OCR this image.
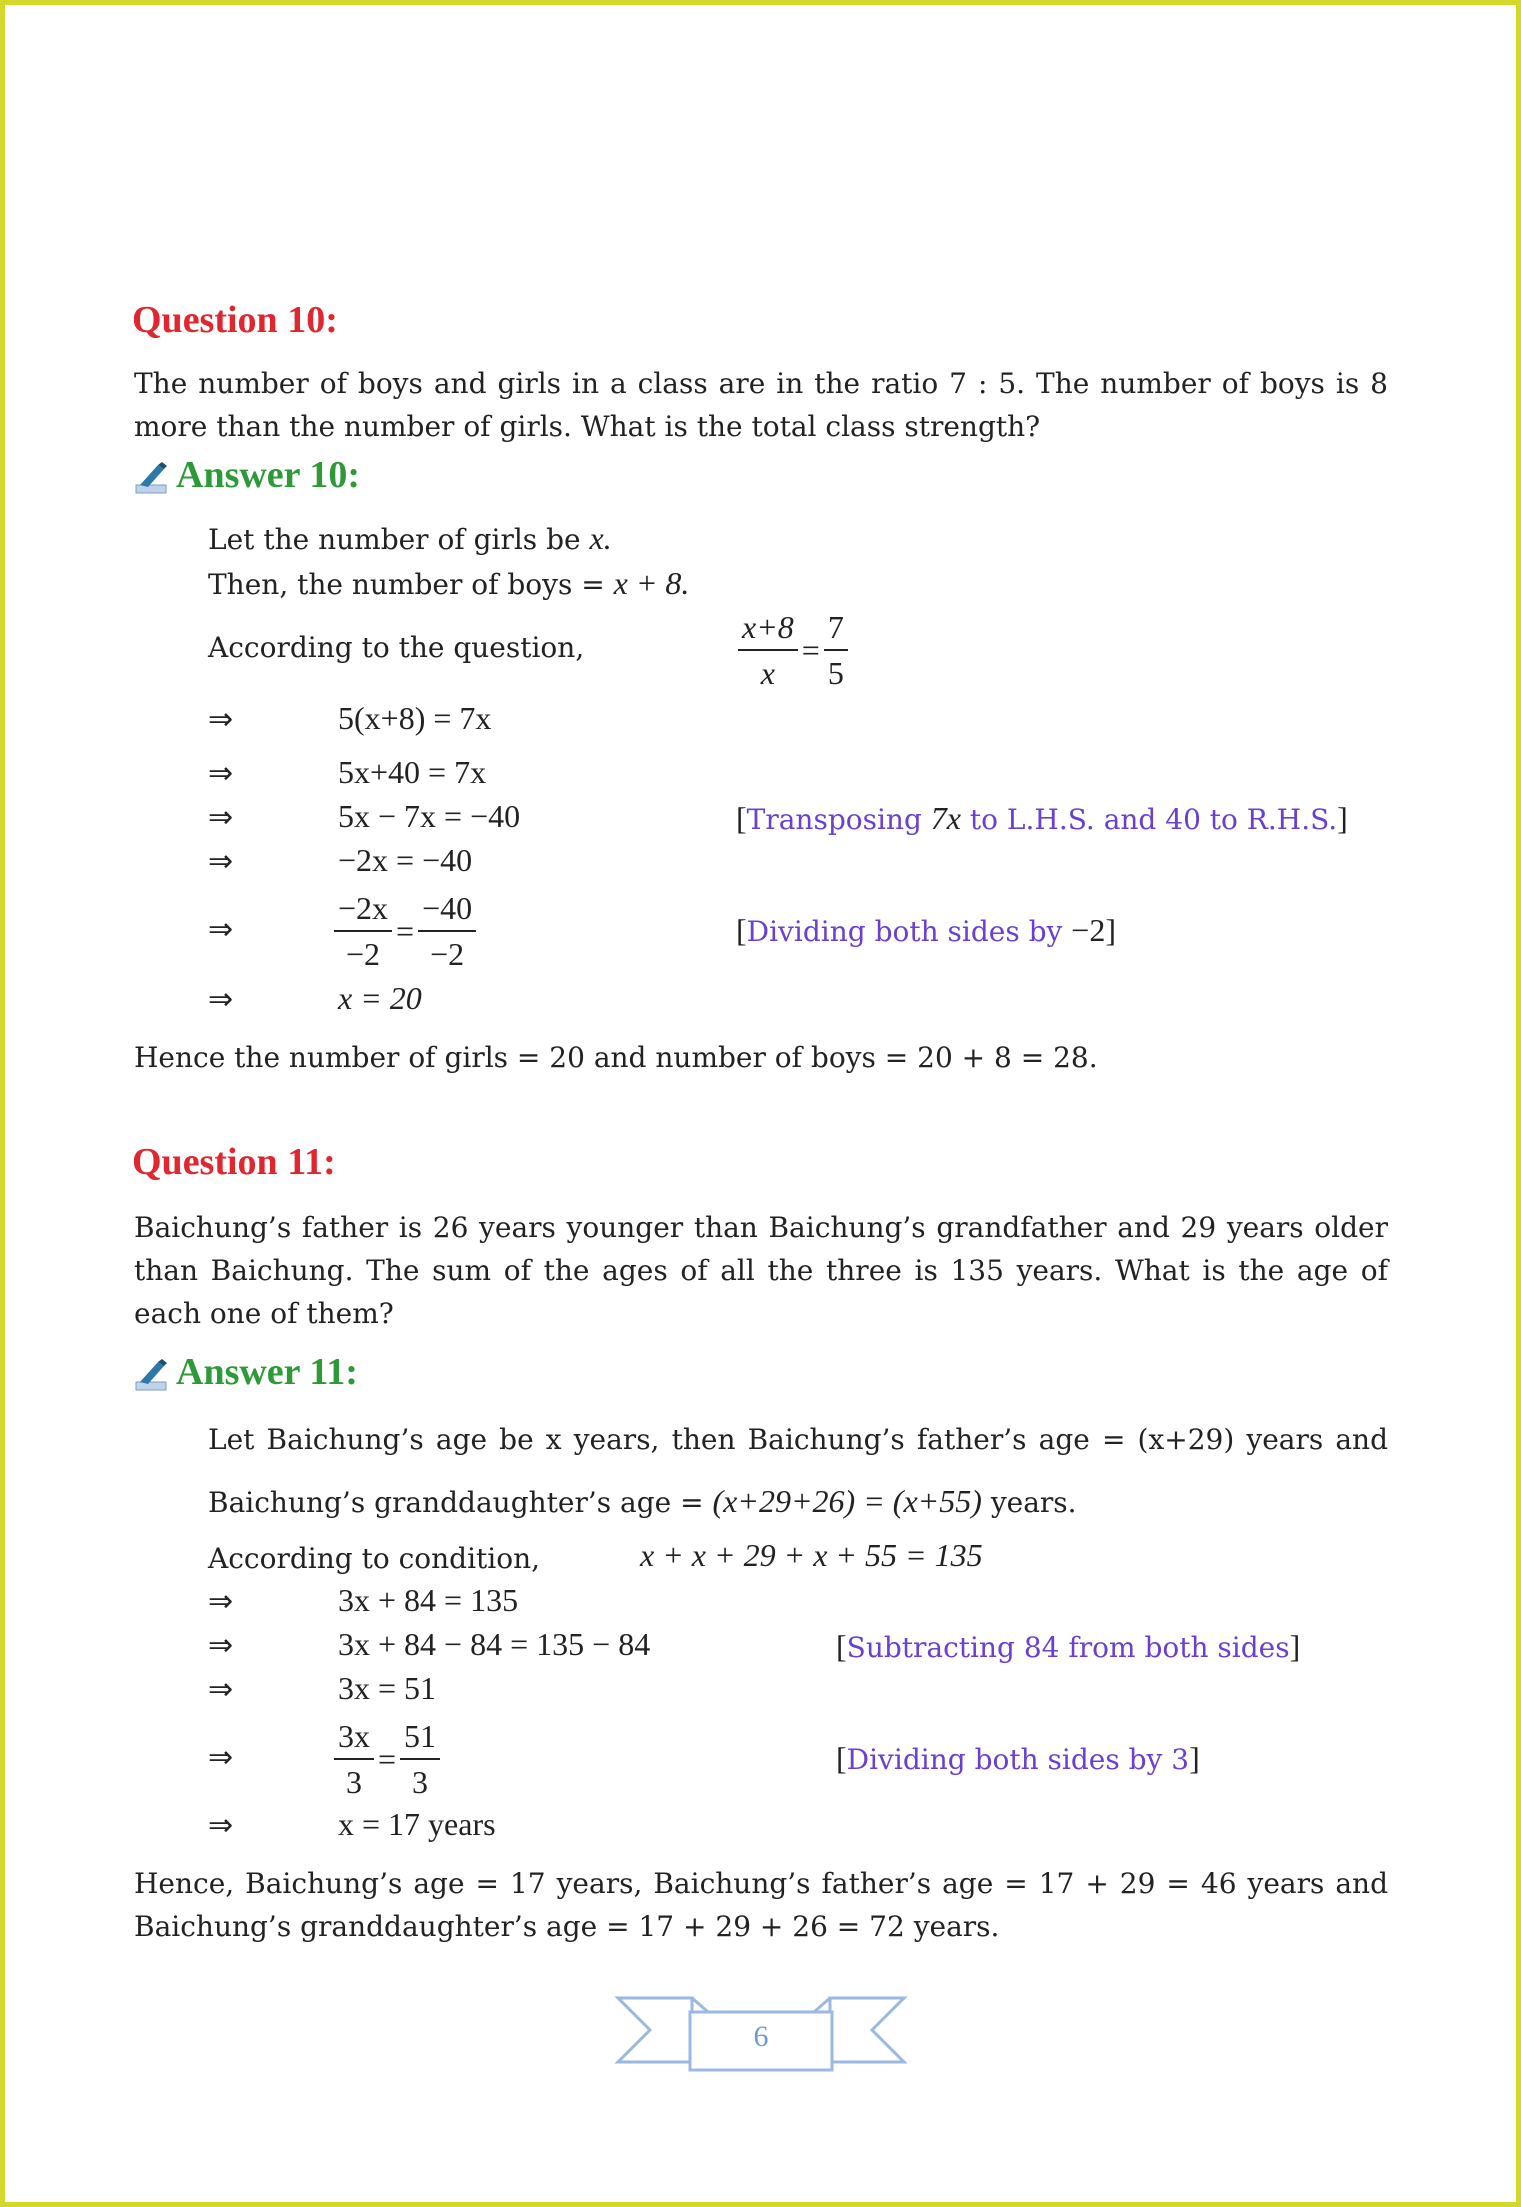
Question 10:
The number of boys and girls in a class are in the ratio 7 : 5. The number of boys is 8 more than the number of girls. What is the total class strength?
Answer 10:
Let the number of girls be x.
Then, the number of boys = x + 8.
According to the question,	$\frac{x+8}{x} = \frac{7}{5}$
⇒	5(x+8) = 7x
⇒	5x+40 = 7x
⇒	5x − 7x = −40	[Transposing 7x to L.H.S. and 40 to R.H.S.]
⇒	−2x = −40
⇒	$\frac{-2x}{-2} = \frac{-40}{-2}$	[Dividing both sides by −2]
⇒	x = 20
Hence the number of girls = 20 and number of boys = 20 + 8 = 28.
Question 11:
Baichung’s father is 26 years younger than Baichung’s grandfather and 29 years older than Baichung. The sum of the ages of all the three is 135 years. What is the age of each one of them?
Answer 11:
Let Baichung’s age be x years, then Baichung’s father’s age = (x+29) years and
Baichung’s granddaughter’s age = (x+29+26) = (x+55) years.
According to condition,	x + x + 29 + x + 55 = 135
⇒	3x + 84 = 135
⇒	3x + 84 − 84 = 135 − 84	[Subtracting 84 from both sides]
⇒	3x = 51
⇒	$\frac{3x}{3} = \frac{51}{3}$	[Dividing both sides by 3]
⇒	x = 17 years
Hence, Baichung’s age = 17 years, Baichung’s father’s age = 17 + 29 = 46 years and Baichung’s granddaughter’s age = 17 + 29 + 26 = 72 years.
6
